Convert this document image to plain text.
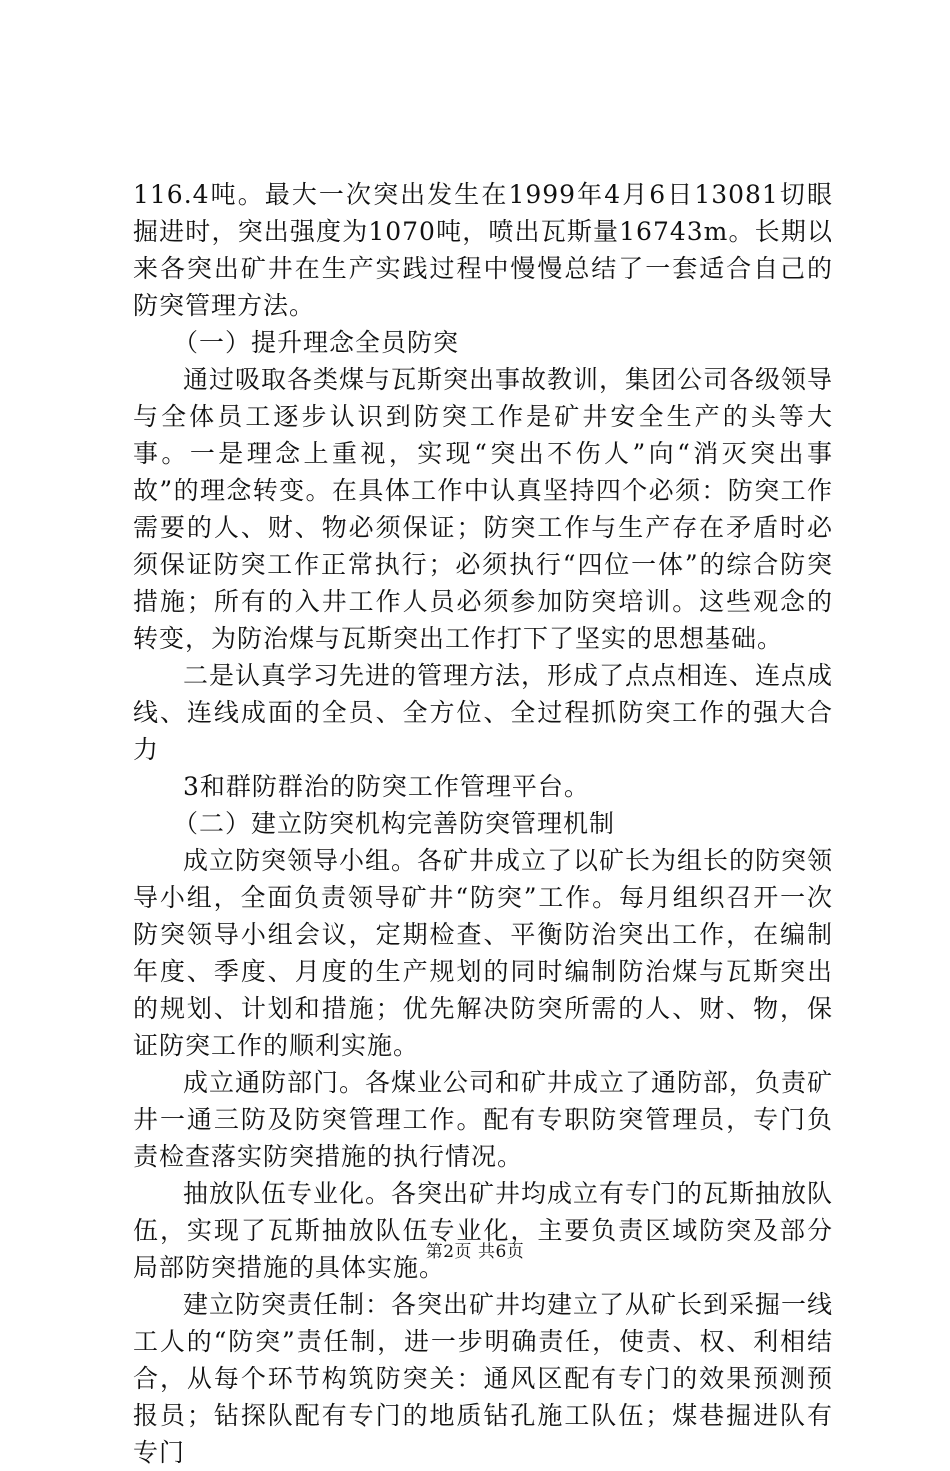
116.4吨。最大一次突出发生在1999年4月6日13081切眼掘进时，突出强度为1070吨，喷出瓦斯量16743m。长期以来各突出矿井在生产实践过程中慢慢总结了一套适合自己的防突管理方法。

（一）提升理念全员防突

通过吸取各类煤与瓦斯突出事故教训，集团公司各级领导与全体员工逐步认识到防突工作是矿井安全生产的头等大事。一是理念上重视，实现“突出不伤人”向“消灭突出事故”的理念转变。在具体工作中认真坚持四个必须：防突工作需要的人、财、物必须保证；防突工作与生产存在矛盾时必须保证防突工作正常执行；必须执行“四位一体”的综合防突措施；所有的入井工作人员必须参加防突培训。这些观念的转变，为防治煤与瓦斯突出工作打下了坚实的思想基础。

二是认真学习先进的管理方法，形成了点点相连、连点成线、连线成面的全员、全方位、全过程抓防突工作的强大合力

3和群防群治的防突工作管理平台。

（二）建立防突机构完善防突管理机制

成立防突领导小组。各矿井成立了以矿长为组长的防突领导小组，全面负责领导矿井“防突”工作。每月组织召开一次防突领导小组会议，定期检查、平衡防治突出工作，在编制年度、季度、月度的生产规划的同时编制防治煤与瓦斯突出的规划、计划和措施；优先解决防突所需的人、财、物，保证防突工作的顺利实施。

成立通防部门。各煤业公司和矿井成立了通防部，负责矿井一通三防及防突管理工作。配有专职防突管理员，专门负责检查落实防突措施的执行情况。

抽放队伍专业化。各突出矿井均成立有专门的瓦斯抽放队伍，实现了瓦斯抽放队伍专业化，主要负责区域防突及部分局部防突措施的具体实施。

建立防突责任制：各突出矿井均建立了从矿长到采掘一线工人的“防突”责任制，进一步明确责任，使责、权、利相结合，从每个环节构筑防突关：通风区配有专门的效果预测预报员；钻探队配有专门的地质钻孔施工队伍；煤巷掘进队有专门

第2页 共6页
